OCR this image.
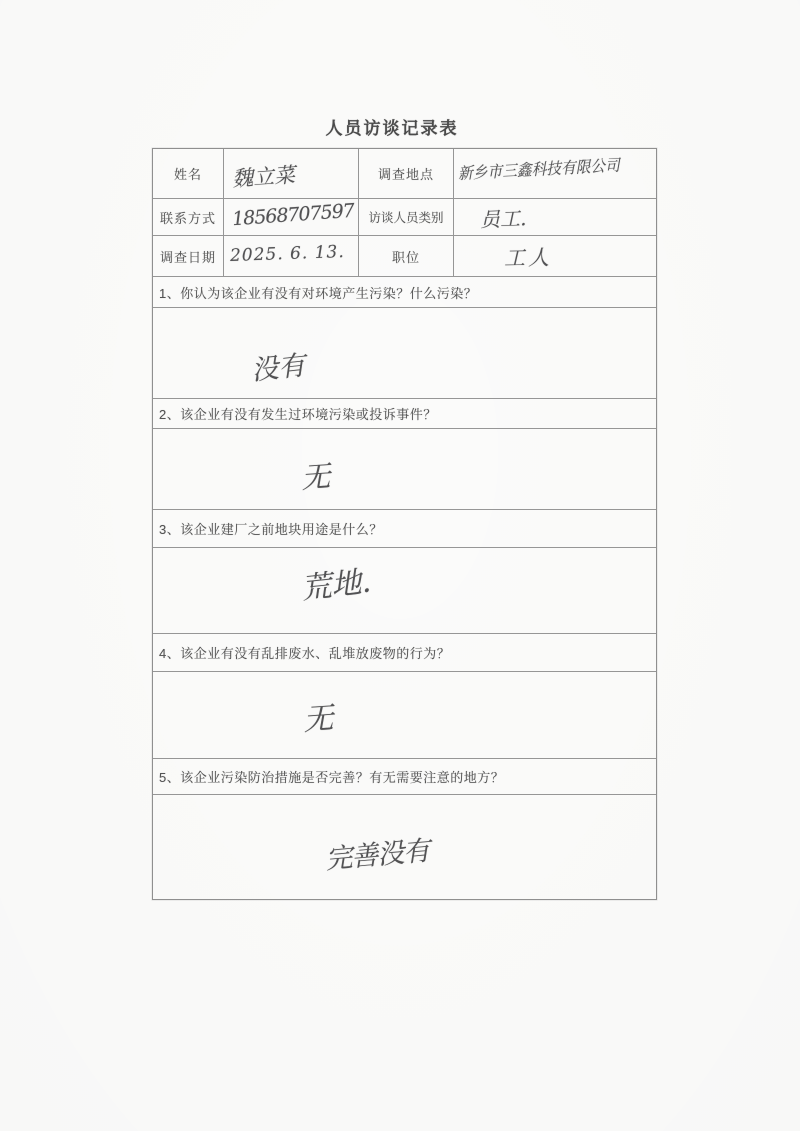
人员访谈记录表
姓名	魏立菜	调查地点	新乡市三鑫科技有限公司
联系方式 18568707597	访谈人员类别	员工.
调查日期 2025. 6. 13.	职位	工人
1、 你认为该企业有没有对环境产生污染？什么污染？
没有
2、 该企业有没有发生过环境污染或投诉事件？
无
3、 该企业建厂之前地块用途是什么？
荒地.
4、 该企业有没有乱排废水、乱堆放废物的行为？
无
5、 该企业污染防治措施是否完善？有无需要注意的地方？
完善没有
